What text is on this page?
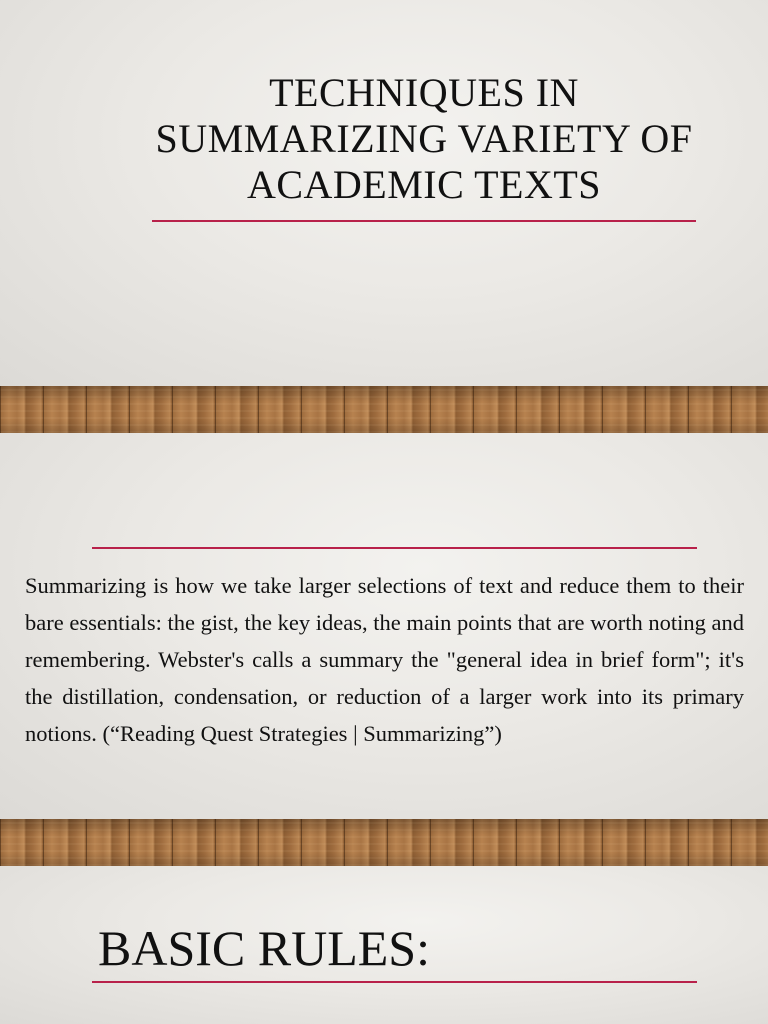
TECHNIQUES IN SUMMARIZING VARIETY OF ACADEMIC TEXTS
Summarizing is how we take larger selections of text and reduce them to their bare essentials: the gist, the key ideas, the main points that are worth noting and remembering. Webster's calls a summary the "general idea in brief form"; it's the distillation, condensation, or reduction of a larger work into its primary notions. (“Reading Quest Strategies | Summarizing”)
BASIC RULES:
